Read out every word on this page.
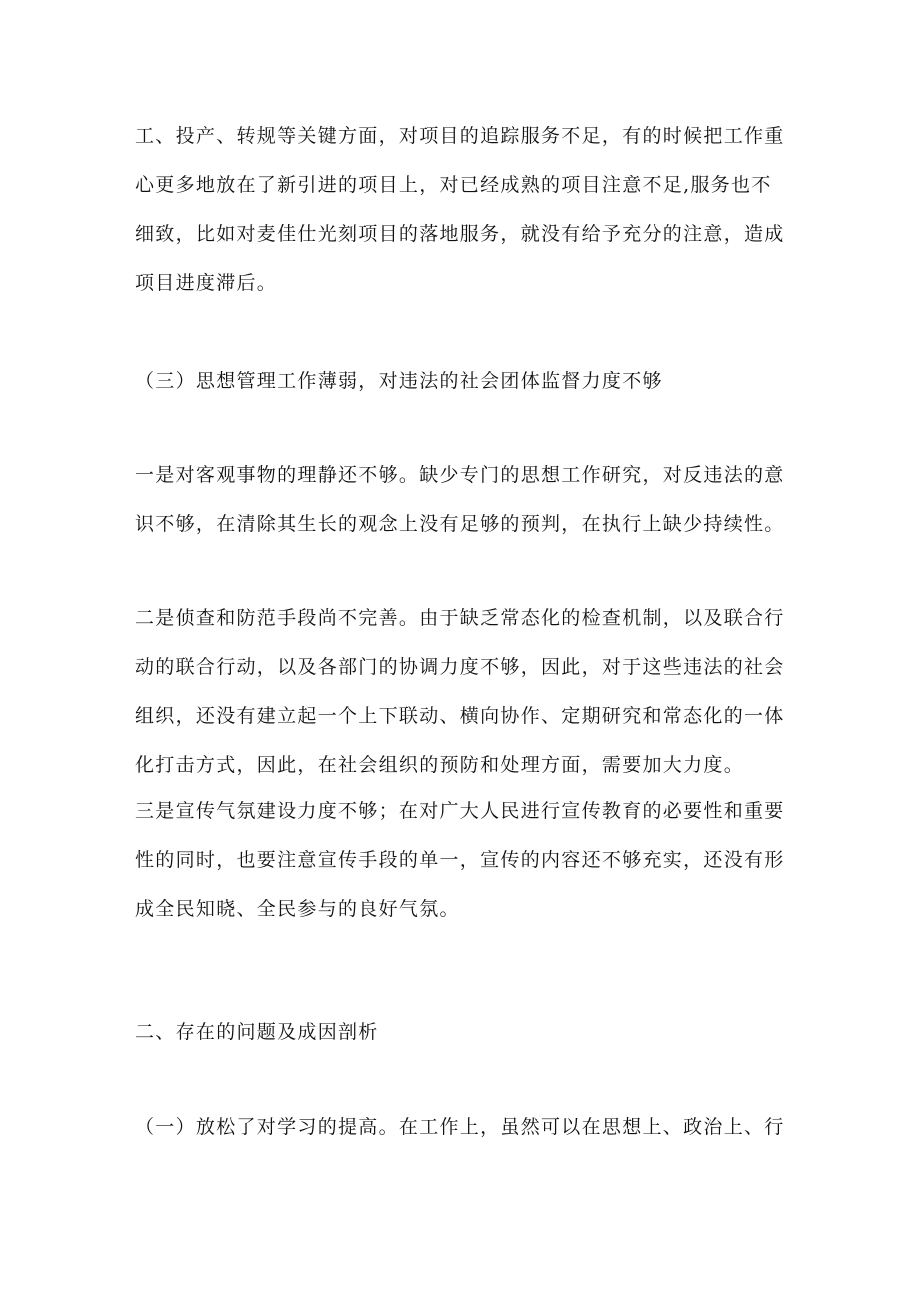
工、投产、转规等关键方面，对项目的追踪服务不足，有的时候把工作重心更多地放在了新引进的项目上，对已经成熟的项目注意不足,服务也不细致，比如对麦佳仕光刻项目的落地服务，就没有给予充分的注意，造成项目进度滞后。

（三）思想管理工作薄弱，对违法的社会团体监督力度不够

一是对客观事物的理静还不够。缺少专门的思想工作研究，对反违法的意识不够，在清除其生长的观念上没有足够的预判，在执行上缺少持续性。

二是侦查和防范手段尚不完善。由于缺乏常态化的检查机制，以及联合行动的联合行动，以及各部门的协调力度不够，因此，对于这些违法的社会组织，还没有建立起一个上下联动、横向协作、定期研究和常态化的一体化打击方式，因此，在社会组织的预防和处理方面，需要加大力度。

三是宣传气氛建设力度不够；在对广大人民进行宣传教育的必要性和重要性的同时，也要注意宣传手段的单一，宣传的内容还不够充实，还没有形成全民知晓、全民参与的良好气氛。

二、存在的问题及成因剖析

（一）放松了对学习的提高。在工作上，虽然可以在思想上、政治上、行
